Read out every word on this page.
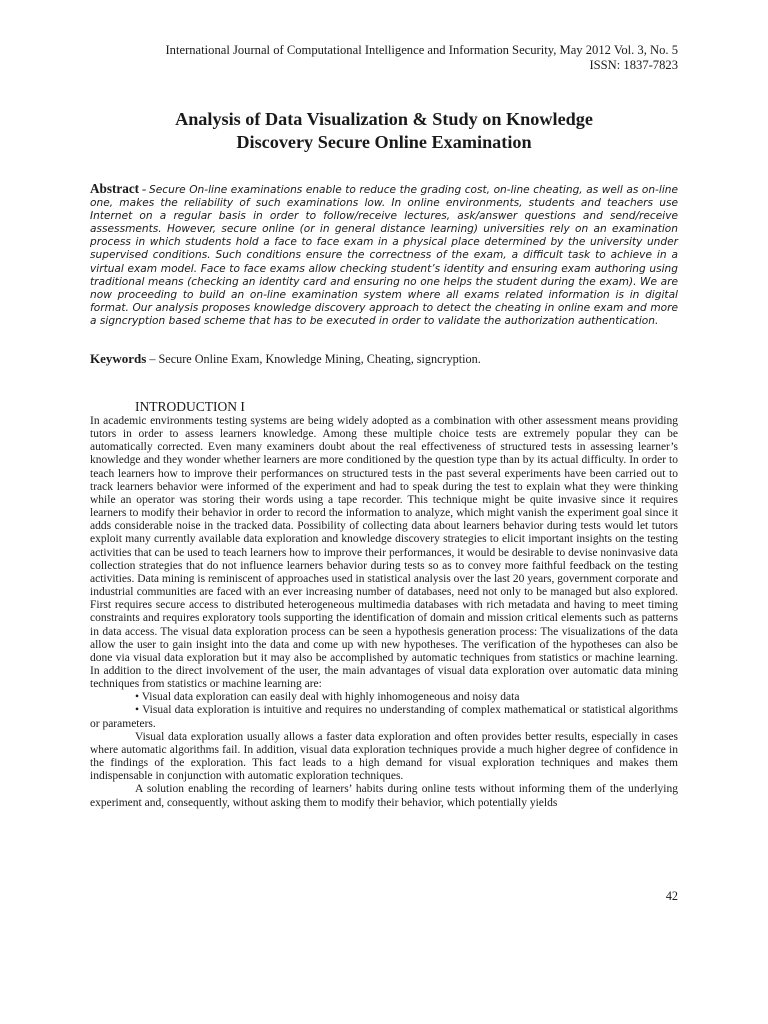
International Journal of Computational Intelligence and Information Security, May 2012 Vol. 3, No. 5
ISSN: 1837-7823
Analysis of Data Visualization & Study on Knowledge
Discovery Secure Online Examination
Abstract - Secure On-line examinations enable to reduce the grading cost, on-line cheating, as well as on-line one, makes the reliability of such examinations low. In online environments, students and teachers use Internet on a regular basis in order to follow/receive lectures, ask/answer questions and send/receive assessments. However, secure online (or in general distance learning) universities rely on an examination process in which students hold a face to face exam in a physical place determined by the university under supervised conditions. Such conditions ensure the correctness of the exam, a difficult task to achieve in a virtual exam model. Face to face exams allow checking student’s identity and ensuring exam authoring using traditional means (checking an identity card and ensuring no one helps the student during the exam). We are now proceeding to build an on-line examination system where all exams related information is in digital format. Our analysis proposes knowledge discovery approach to detect the cheating in online exam and more a signcryption based scheme that has to be executed in order to validate the authorization authentication.
Keywords – Secure Online Exam, Knowledge Mining, Cheating, signcryption.
INTRODUCTION I

In academic environments testing systems are being widely adopted as a combination with other assessment means providing tutors in order to assess learners knowledge. Among these multiple choice tests are extremely popular they can be automatically corrected. Even many examiners doubt about the real effectiveness of structured tests in assessing learner’s knowledge and they wonder whether learners are more conditioned by the question type than by its actual difficulty. In order to teach learners how to improve their performances on structured tests in the past several experiments have been carried out to track learners behavior were informed of the experiment and had to speak during the test to explain what they were thinking while an operator was storing their words using a tape recorder. This technique might be quite invasive since it requires learners to modify their behavior in order to record the information to analyze, which might vanish the experiment goal since it adds considerable noise in the tracked data. Possibility of collecting data about learners behavior during tests would let tutors exploit many currently available data exploration and knowledge discovery strategies to elicit important insights on the testing activities that can be used to teach learners how to improve their performances, it would be desirable to devise noninvasive data collection strategies that do not influence learners behavior during tests so as to convey more faithful feedback on the testing activities. Data mining is reminiscent of approaches used in statistical analysis over the last 20 years, government corporate and industrial communities are faced with an ever increasing number of databases, need not only to be managed but also explored. First requires secure access to distributed heterogeneous multimedia databases with rich metadata and having to meet timing constraints and requires exploratory tools supporting the identification of domain and mission critical elements such as patterns in data access. The visual data exploration process can be seen a hypothesis generation process: The visualizations of the data allow the user to gain insight into the data and come up with new hypotheses. The verification of the hypotheses can also be done via visual data exploration but it may also be accomplished by automatic techniques from statistics or machine learning. In addition to the direct involvement of the user, the main advantages of visual data exploration over automatic data mining techniques from statistics or machine learning are:

• Visual data exploration can easily deal with highly inhomogeneous and noisy data

• Visual data exploration is intuitive and requires no understanding of complex mathematical or statistical algorithms or parameters.

Visual data exploration usually allows a faster data exploration and often provides better results, especially in cases where automatic algorithms fail. In addition, visual data exploration techniques provide a much higher degree of confidence in the findings of the exploration. This fact leads to a high demand for visual exploration techniques and makes them indispensable in conjunction with automatic exploration techniques.

A solution enabling the recording of learners’ habits during online tests without informing them of the underlying experiment and, consequently, without asking them to modify their behavior, which potentially yields

42
